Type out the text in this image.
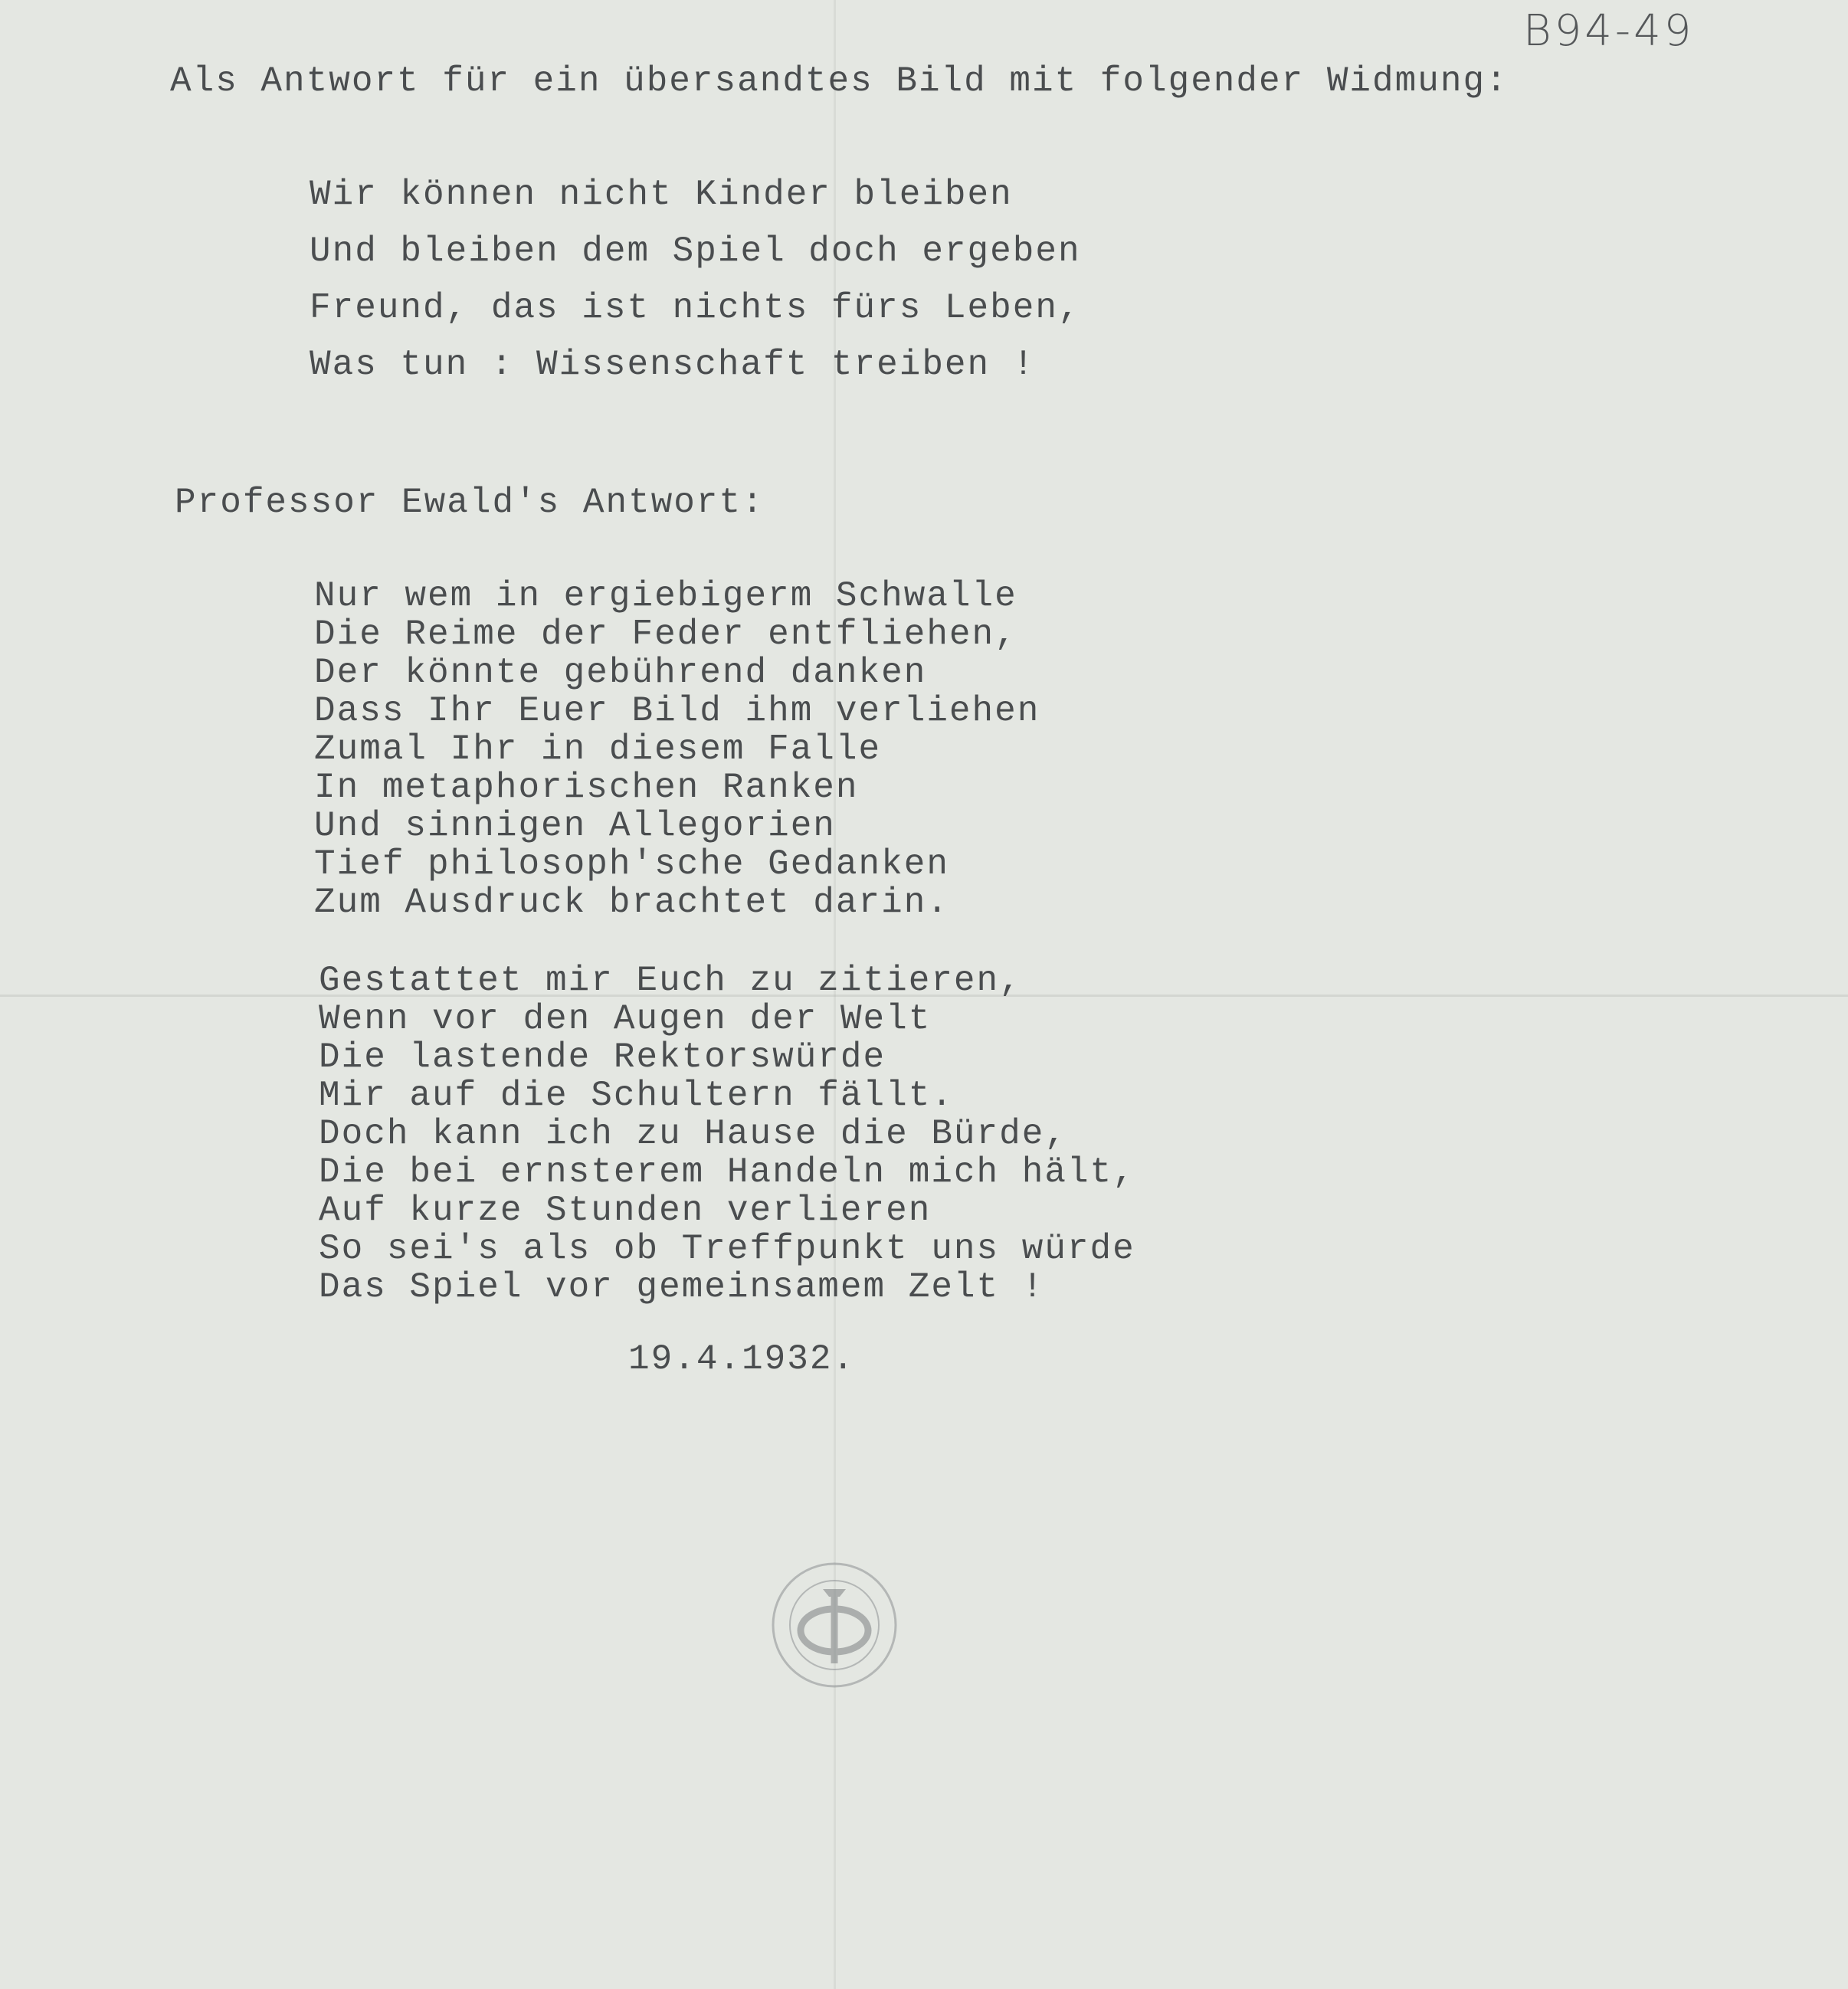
B94-49
Als Antwort für ein übersandtes Bild mit folgender Widmung:
Wir können nicht Kinder bleiben
Und bleiben dem Spiel doch ergeben
Freund, das ist nichts fürs Leben,
Was tun : Wissenschaft treiben !
Professor Ewald's Antwort:
Nur wem in ergiebigerm Schwalle
Die Reime der Feder entfliehen,
Der könnte gebührend danken
Dass Ihr Euer Bild ihm verliehen
Zumal Ihr in diesem Falle
In metaphorischen Ranken
Und sinnigen Allegorien
Tief philosoph'sche Gedanken
Zum Ausdruck brachtet darin.
Gestattet mir Euch zu zitieren,
Wenn vor den Augen der Welt
Die lastende Rektorswürde
Mir auf die Schultern fällt.
Doch kann ich zu Hause die Bürde,
Die bei ernsterem Handeln mich hält,
Auf kurze Stunden verlieren
So sei's als ob Treffpunkt uns würde
Das Spiel vor gemeinsamem Zelt !
19.4.1932.
